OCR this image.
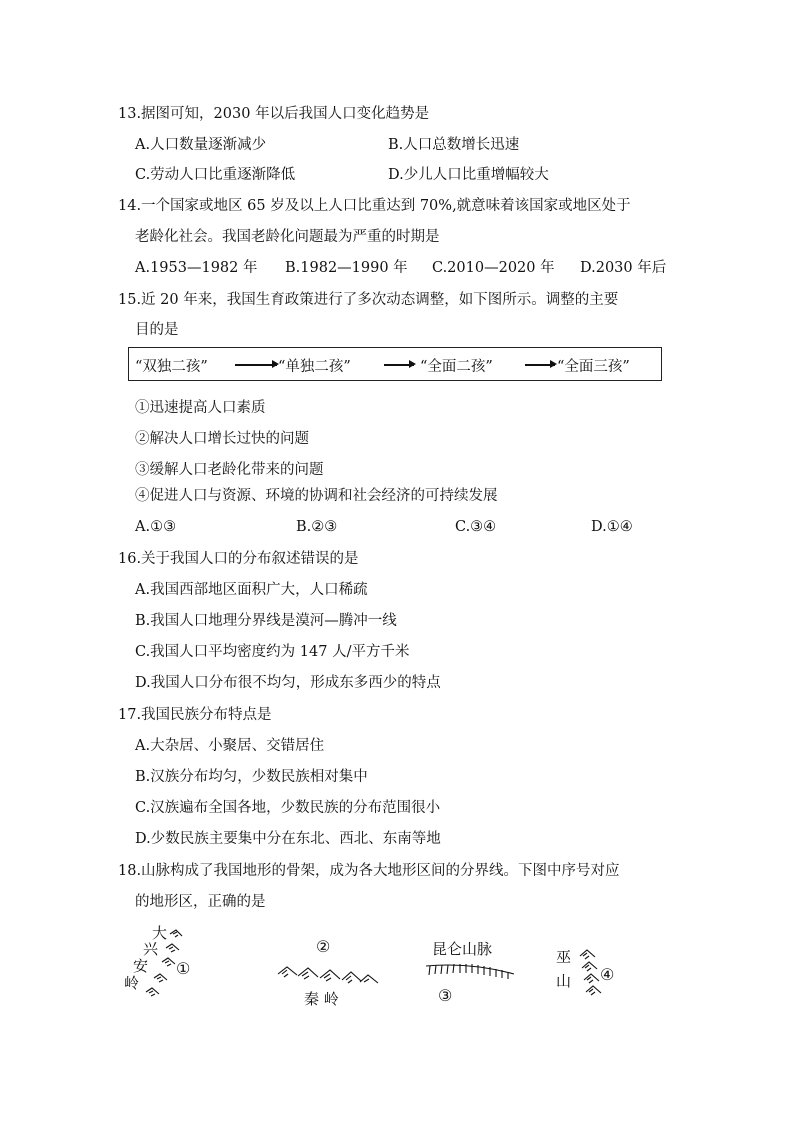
13.据图可知，2030 年以后我国人口变化趋势是
A.人口数量逐渐减少	B.人口总数增长迅速
C.劳动人口比重逐渐降低	D.少儿人口比重增幅较大
14.一个国家或地区 65 岁及以上人口比重达到 70%,就意味着该国家或地区处于
老龄化社会。我国老龄化问题最为严重的时期是
A.1953—1982 年 B.1982—1990 年 C.2010—2020 年 D.2030 年后
15.近 20 年来，我国生育政策进行了多次动态调整，如下图所示。调整的主要
目的是
“双独二孩”	“单独二孩”	“全面二孩”	“全面三孩”
①迅速提高人口素质
②解决人口增长过快的问题
③缓解人口老龄化带来的问题
④促进人口与资源、环境的协调和社会经济的可持续发展
A.①③	B.②③	C.③④	D.①④
16.关于我国人口的分布叙述错误的是
A.我国西部地区面积广大，人口稀疏
B.我国人口地理分界线是漠河—腾冲一线
C.我国人口平均密度约为 147 人/平方千米
D.我国人口分布很不均匀，形成东多西少的特点
17.我国民族分布特点是
A.大杂居、小聚居、交错居住
B.汉族分布均匀，少数民族相对集中
C.汉族遍布全国各地，少数民族的分布范围很小
D.少数民族主要集中分在东北、西北、东南等地
18.山脉构成了我国地形的骨架，成为各大地形区间的分界线。下图中序号对应
的地形区，正确的是
大
兴
安
岭
①
②
秦 岭
昆仑山脉
③
巫
山 ④
